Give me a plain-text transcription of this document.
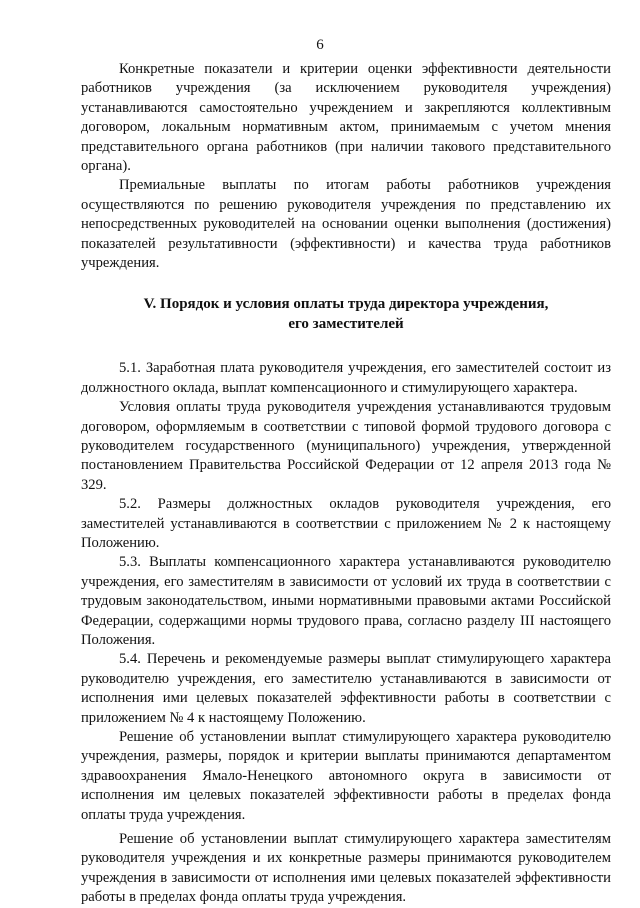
6

Конкретные показатели и критерии оценки эффективности деятельности работников учреждения (за исключением руководителя учреждения) устанавливаются самостоятельно учреждением и закрепляются коллективным договором, локальным нормативным актом, принимаемым с учетом мнения представительного органа работников (при наличии такового представительного органа).

Премиальные выплаты по итогам работы работников учреждения осуществляются по решению руководителя учреждения по представлению их непосредственных руководителей на основании оценки выполнения (достижения) показателей результативности (эффективности) и качества труда работников учреждения.

V. Порядок и условия оплаты труда директора учреждения,
его заместителей

5.1. Заработная плата руководителя учреждения, его заместителей состоит из должностного оклада, выплат компенсационного и стимулирующего характера.

Условия оплаты труда руководителя учреждения устанавливаются трудовым договором, оформляемым в соответствии с типовой формой трудового договора с руководителем государственного (муниципального) учреждения, утвержденной постановлением Правительства Российской Федерации от 12 апреля 2013 года № 329.

5.2. Размеры должностных окладов руководителя учреждения, его заместителей устанавливаются в соответствии с приложением № 2 к настоящему Положению.

5.3. Выплаты компенсационного характера устанавливаются руководителю учреждения, его заместителям в зависимости от условий их труда в соответствии с трудовым законодательством, иными нормативными правовыми актами Российской Федерации, содержащими нормы трудового права, согласно разделу III настоящего Положения.

5.4. Перечень и рекомендуемые размеры выплат стимулирующего характера руководителю учреждения, его заместителю устанавливаются в зависимости от исполнения ими целевых показателей эффективности работы в соответствии с приложением № 4 к настоящему Положению.

Решение об установлении выплат стимулирующего характера руководителю учреждения, размеры, порядок и критерии выплаты принимаются департаментом здравоохранения Ямало-Ненецкого автономного округа в зависимости от исполнения им целевых показателей эффективности работы в пределах фонда оплаты труда учреждения.

Решение об установлении выплат стимулирующего характера заместителям руководителя учреждения и их конкретные размеры принимаются руководителем учреждения в зависимости от исполнения ими целевых показателей эффективности работы в пределах фонда оплаты труда учреждения.
